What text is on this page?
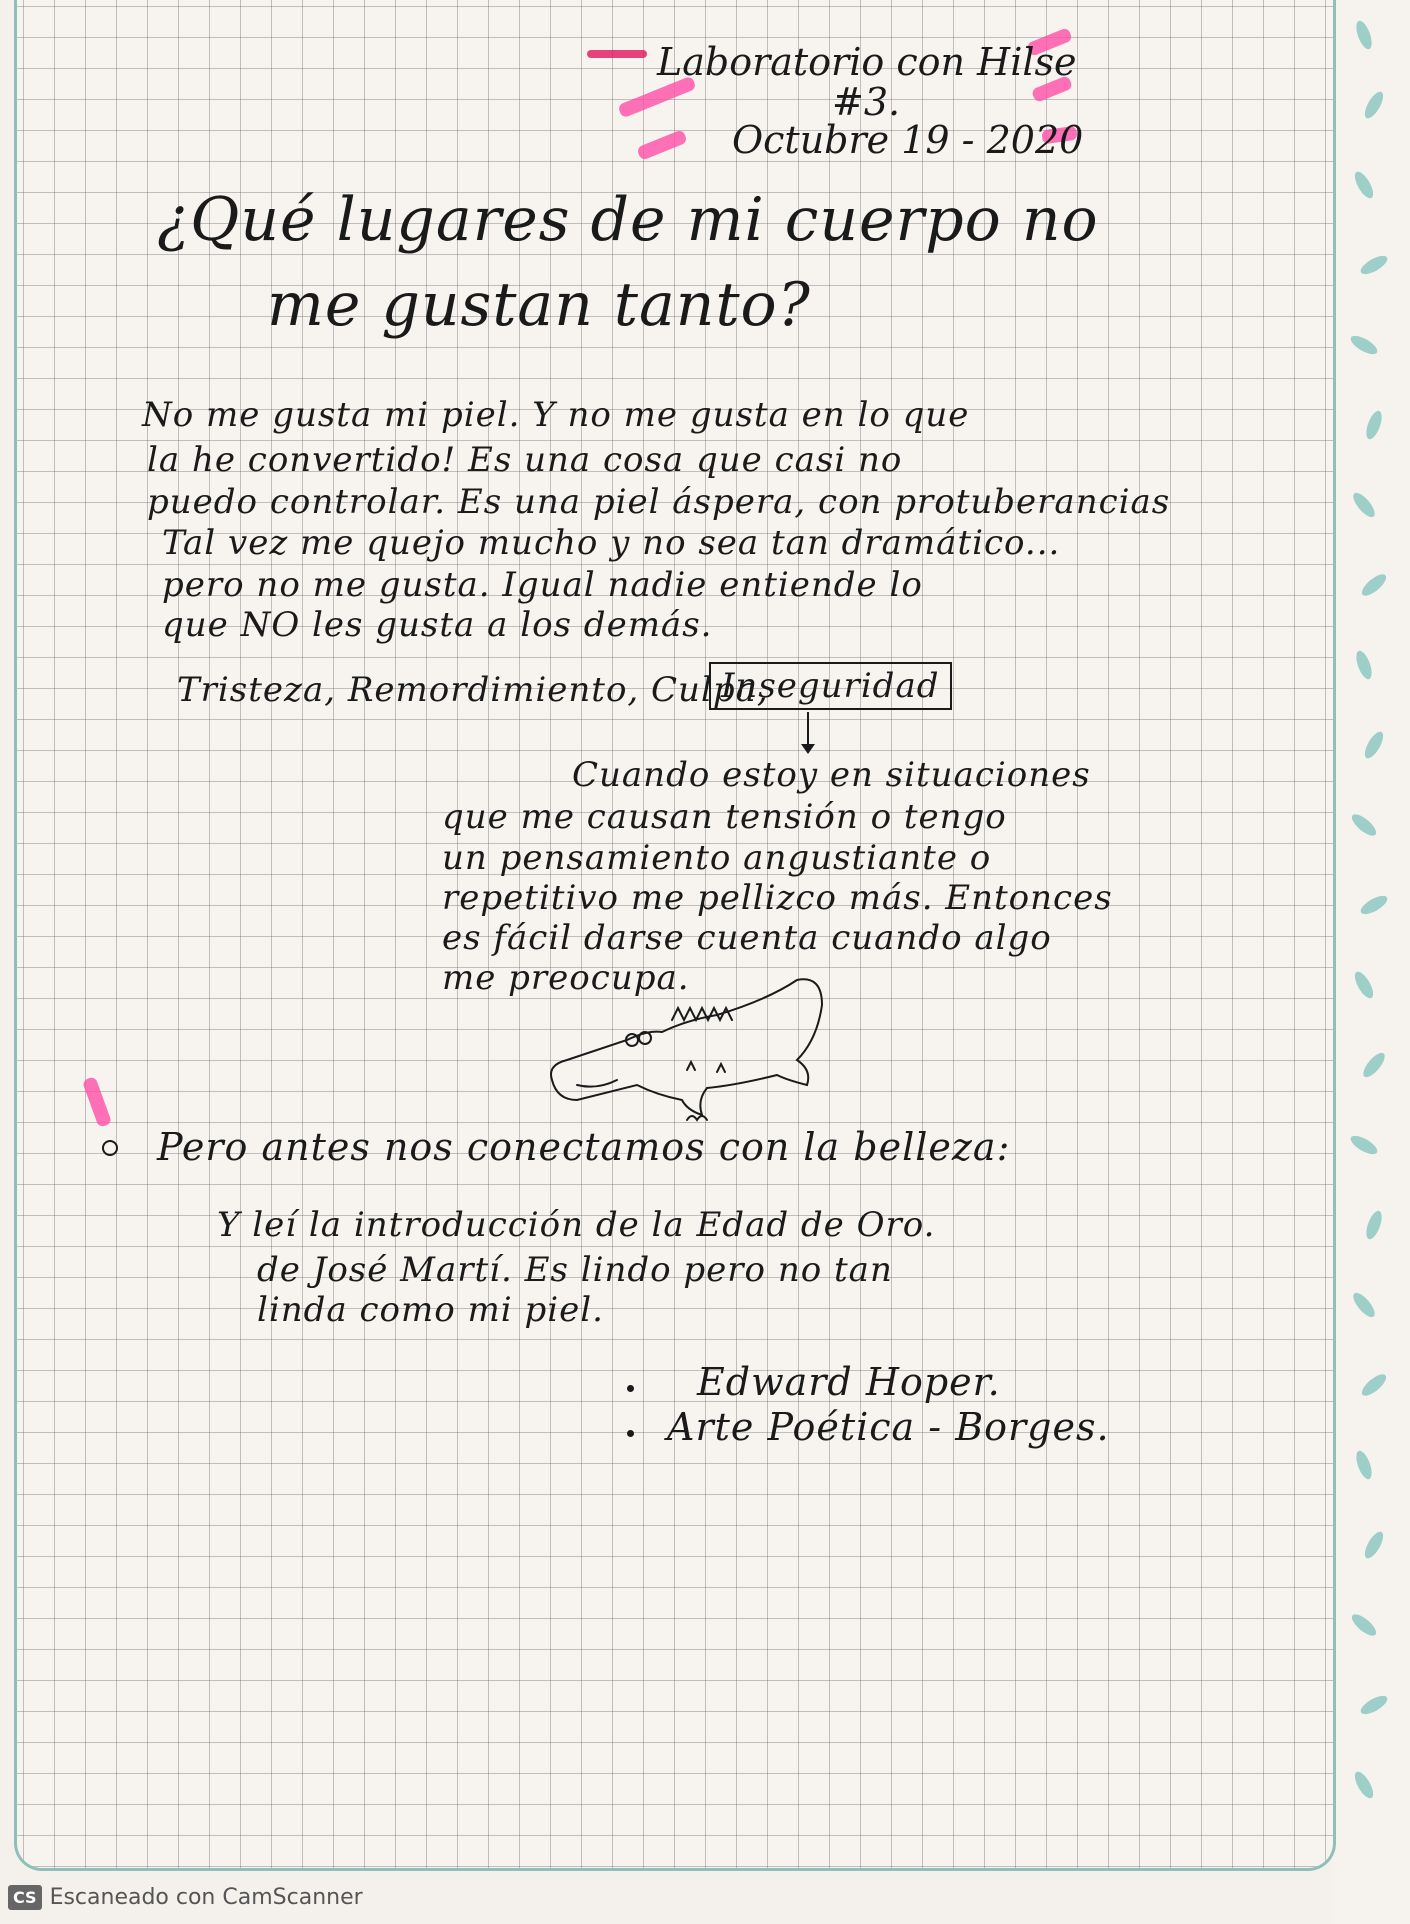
Laboratorio con Hilse

#3.

Octubre 19 - 2020

¿Qué lugares de mi cuerpo no

me gustan tanto?

No me gusta mi piel. Y no me gusta en lo que

la he convertido! Es una cosa que casi no

puedo controlar. Es una piel áspera, con protuberancias

Tal vez me quejo mucho y no sea tan dramático...

pero no me gusta. Igual nadie entiende lo

que NO les gusta a los demás.

Tristeza, Remordimiento, Culpa,

Inseguridad

Cuando estoy en situaciones

que me causan tensión o tengo

un pensamiento angustiante o

repetitivo me pellizco más. Entonces

es fácil darse cuenta cuando algo

me preocupa.

Pero antes nos conectamos con la belleza:

Y leí la introducción de la Edad de Oro.

de José Martí. Es lindo pero no tan

linda como mi piel.

Edward Hoper.

Arte Poética - Borges.

CS Escaneado con CamScanner
